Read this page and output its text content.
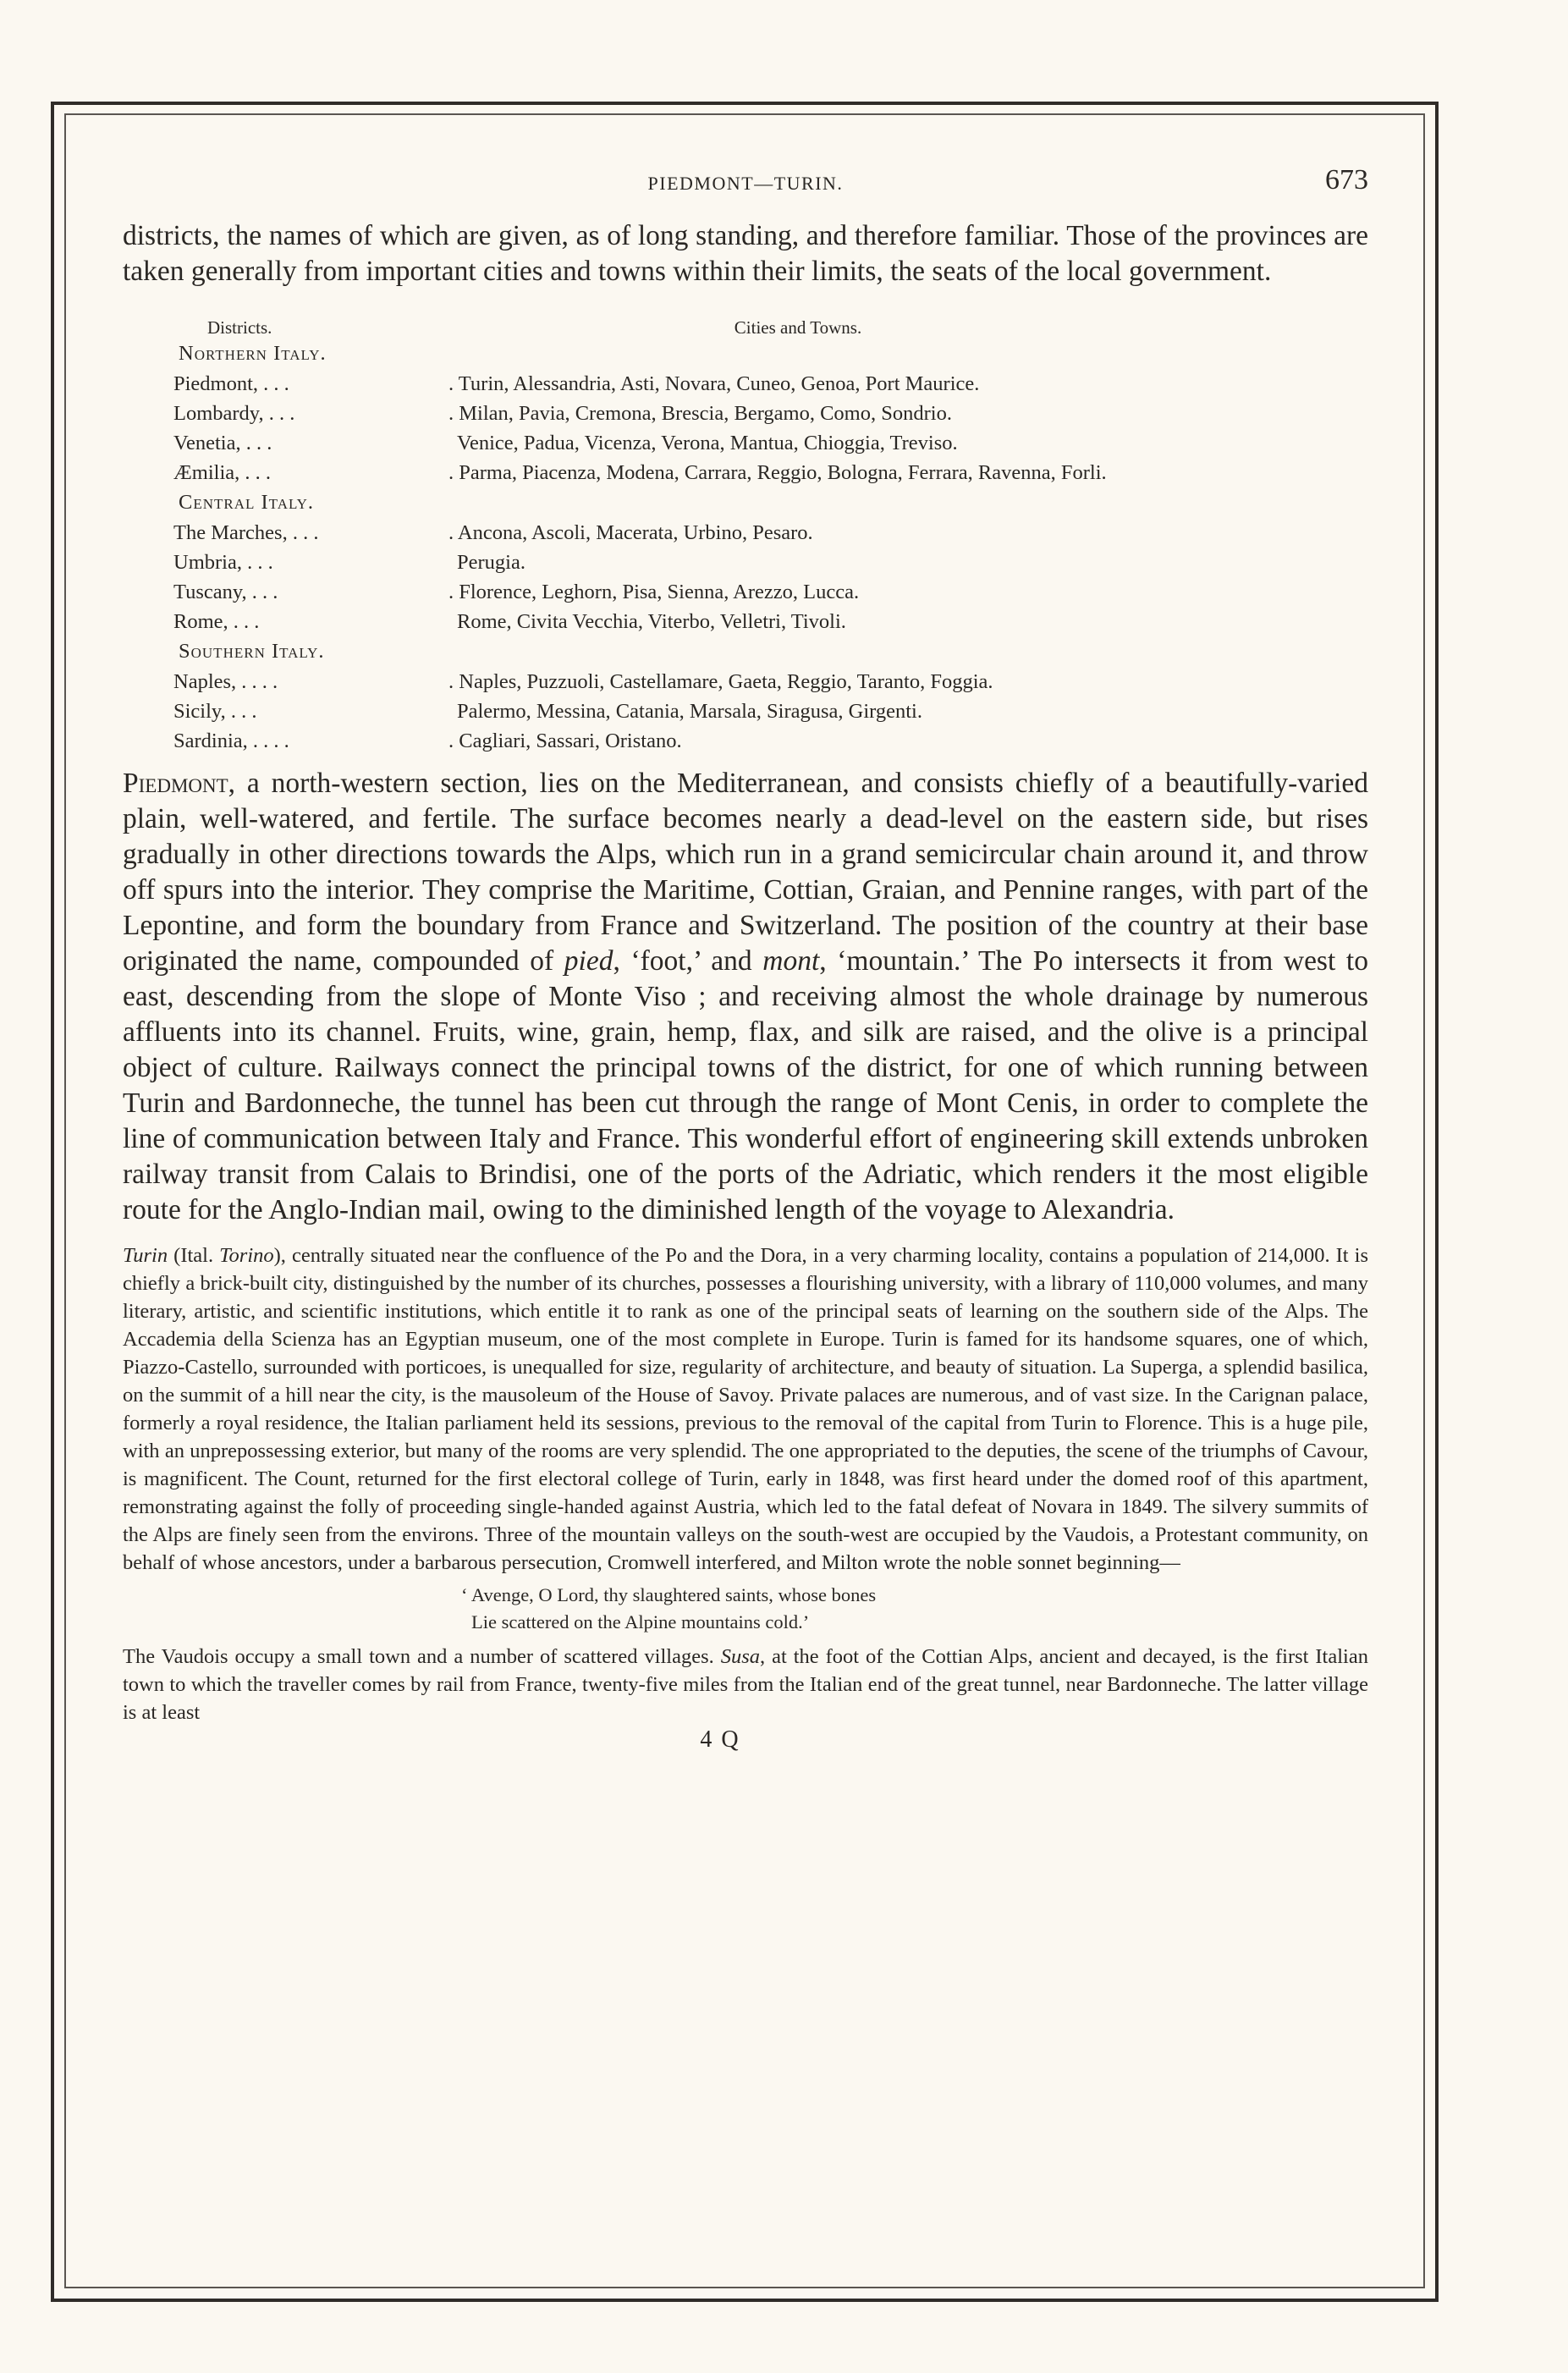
PIEDMONT—TURIN.	673

districts, the names of which are given, as of long standing, and therefore familiar. Those of the provinces are taken generally from important cities and towns within their limits, the seats of the local government.

Districts.	Cities and Towns.
Northern Italy.
Piedmont, . . .	. Turin, Alessandria, Asti, Novara, Cuneo, Genoa, Port Maurice.
Lombardy, . . .	. Milan, Pavia, Cremona, Brescia, Bergamo, Como, Sondrio.
Venetia, . . .	Venice, Padua, Vicenza, Verona, Mantua, Chioggia, Treviso.
Æmilia, . . .	. Parma, Piacenza, Modena, Carrara, Reggio, Bologna, Ferrara, Ravenna, Forli.
Central Italy.
The Marches, . . .	. Ancona, Ascoli, Macerata, Urbino, Pesaro.
Umbria, . . .	Perugia.
Tuscany, . . .	. Florence, Leghorn, Pisa, Sienna, Arezzo, Lucca.
Rome, . . .	Rome, Civita Vecchia, Viterbo, Velletri, Tivoli.
Southern Italy.
Naples, . . . .	. Naples, Puzzuoli, Castellamare, Gaeta, Reggio, Taranto, Foggia.
Sicily, . . .	Palermo, Messina, Catania, Marsala, Siragusa, Girgenti.
Sardinia, . . . .	. Cagliari, Sassari, Oristano.

Piedmont, a north-western section, lies on the Mediterranean, and consists chiefly of a beautifully-varied plain, well-watered, and fertile. The surface becomes nearly a dead-level on the eastern side, but rises gradually in other directions towards the Alps, which run in a grand semicircular chain around it, and throw off spurs into the interior. They comprise the Maritime, Cottian, Graian, and Pennine ranges, with part of the Lepontine, and form the boundary from France and Switzerland. The position of the country at their base originated the name, compounded of pied, ‘foot,’ and mont, ‘mountain.’ The Po intersects it from west to east, descending from the slope of Monte Viso ; and receiving almost the whole drainage by numerous affluents into its channel. Fruits, wine, grain, hemp, flax, and silk are raised, and the olive is a principal object of culture. Railways connect the principal towns of the district, for one of which running between Turin and Bardonneche, the tunnel has been cut through the range of Mont Cenis, in order to complete the line of communication between Italy and France. This wonderful effort of engineering skill extends unbroken railway transit from Calais to Brindisi, one of the ports of the Adriatic, which renders it the most eligible route for the Anglo-Indian mail, owing to the diminished length of the voyage to Alexandria.

Turin (Ital. Torino), centrally situated near the confluence of the Po and the Dora, in a very charming locality, contains a population of 214,000. It is chiefly a brick-built city, distinguished by the number of its churches, possesses a flourishing university, with a library of 110,000 volumes, and many literary, artistic, and scientific institutions, which entitle it to rank as one of the principal seats of learning on the southern side of the Alps. The Accademia della Scienza has an Egyptian museum, one of the most complete in Europe. Turin is famed for its handsome squares, one of which, Piazzo-Castello, surrounded with porticoes, is unequalled for size, regularity of architecture, and beauty of situation. La Superga, a splendid basilica, on the summit of a hill near the city, is the mausoleum of the House of Savoy. Private palaces are numerous, and of vast size. In the Carignan palace, formerly a royal residence, the Italian parliament held its sessions, previous to the removal of the capital from Turin to Florence. This is a huge pile, with an unprepossessing exterior, but many of the rooms are very splendid. The one appropriated to the deputies, the scene of the triumphs of Cavour, is magnificent. The Count, returned for the first electoral college of Turin, early in 1848, was first heard under the domed roof of this apartment, remonstrating against the folly of proceeding single-handed against Austria, which led to the fatal defeat of Novara in 1849. The silvery summits of the Alps are finely seen from the environs. Three of the mountain valleys on the south-west are occupied by the Vaudois, a Protestant community, on behalf of whose ancestors, under a barbarous persecution, Cromwell interfered, and Milton wrote the noble sonnet beginning—

‘ Avenge, O Lord, thy slaughtered saints, whose bones
Lie scattered on the Alpine mountains cold.’

The Vaudois occupy a small town and a number of scattered villages. Susa, at the foot of the Cottian Alps, ancient and decayed, is the first Italian town to which the traveller comes by rail from France, twenty-five miles from the Italian end of the great tunnel, near Bardonneche. The latter village is at least

4 Q
